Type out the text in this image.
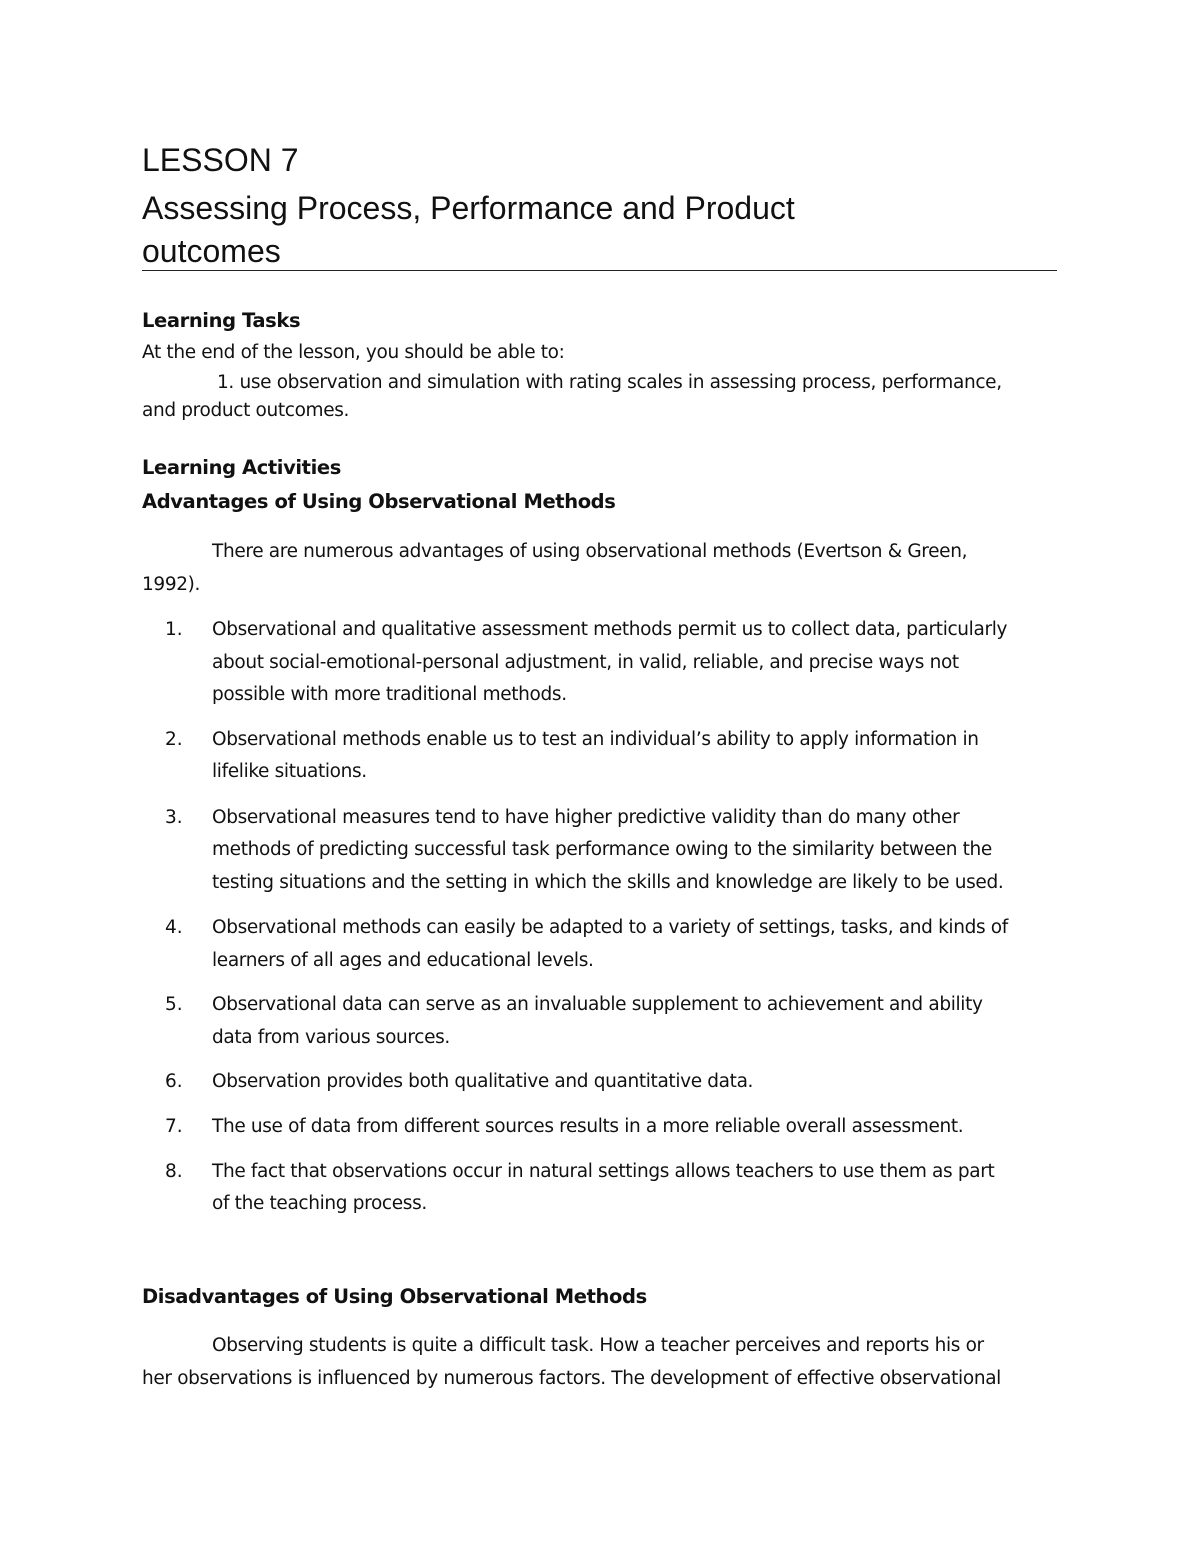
LESSON 7
Assessing Process, Performance and Product
outcomes
Learning Tasks
At the end of the lesson, you should be able to:
1. use observation and simulation with rating scales in assessing process, performance,
and product outcomes.
Learning Activities
Advantages of Using Observational Methods
There are numerous advantages of using observational methods (Evertson & Green,
1992).
1. Observational and qualitative assessment methods permit us to collect data, particularly
about social-emotional-personal adjustment, in valid, reliable, and precise ways not
possible with more traditional methods.
2. Observational methods enable us to test an individual’s ability to apply information in
lifelike situations.
3. Observational measures tend to have higher predictive validity than do many other
methods of predicting successful task performance owing to the similarity between the
testing situations and the setting in which the skills and knowledge are likely to be used.
4. Observational methods can easily be adapted to a variety of settings, tasks, and kinds of
learners of all ages and educational levels.
5. Observational data can serve as an invaluable supplement to achievement and ability
data from various sources.
6. Observation provides both qualitative and quantitative data.
7. The use of data from different sources results in a more reliable overall assessment.
8. The fact that observations occur in natural settings allows teachers to use them as part
of the teaching process.
Disadvantages of Using Observational Methods
Observing students is quite a difficult task. How a teacher perceives and reports his or
her observations is influenced by numerous factors. The development of effective observational
